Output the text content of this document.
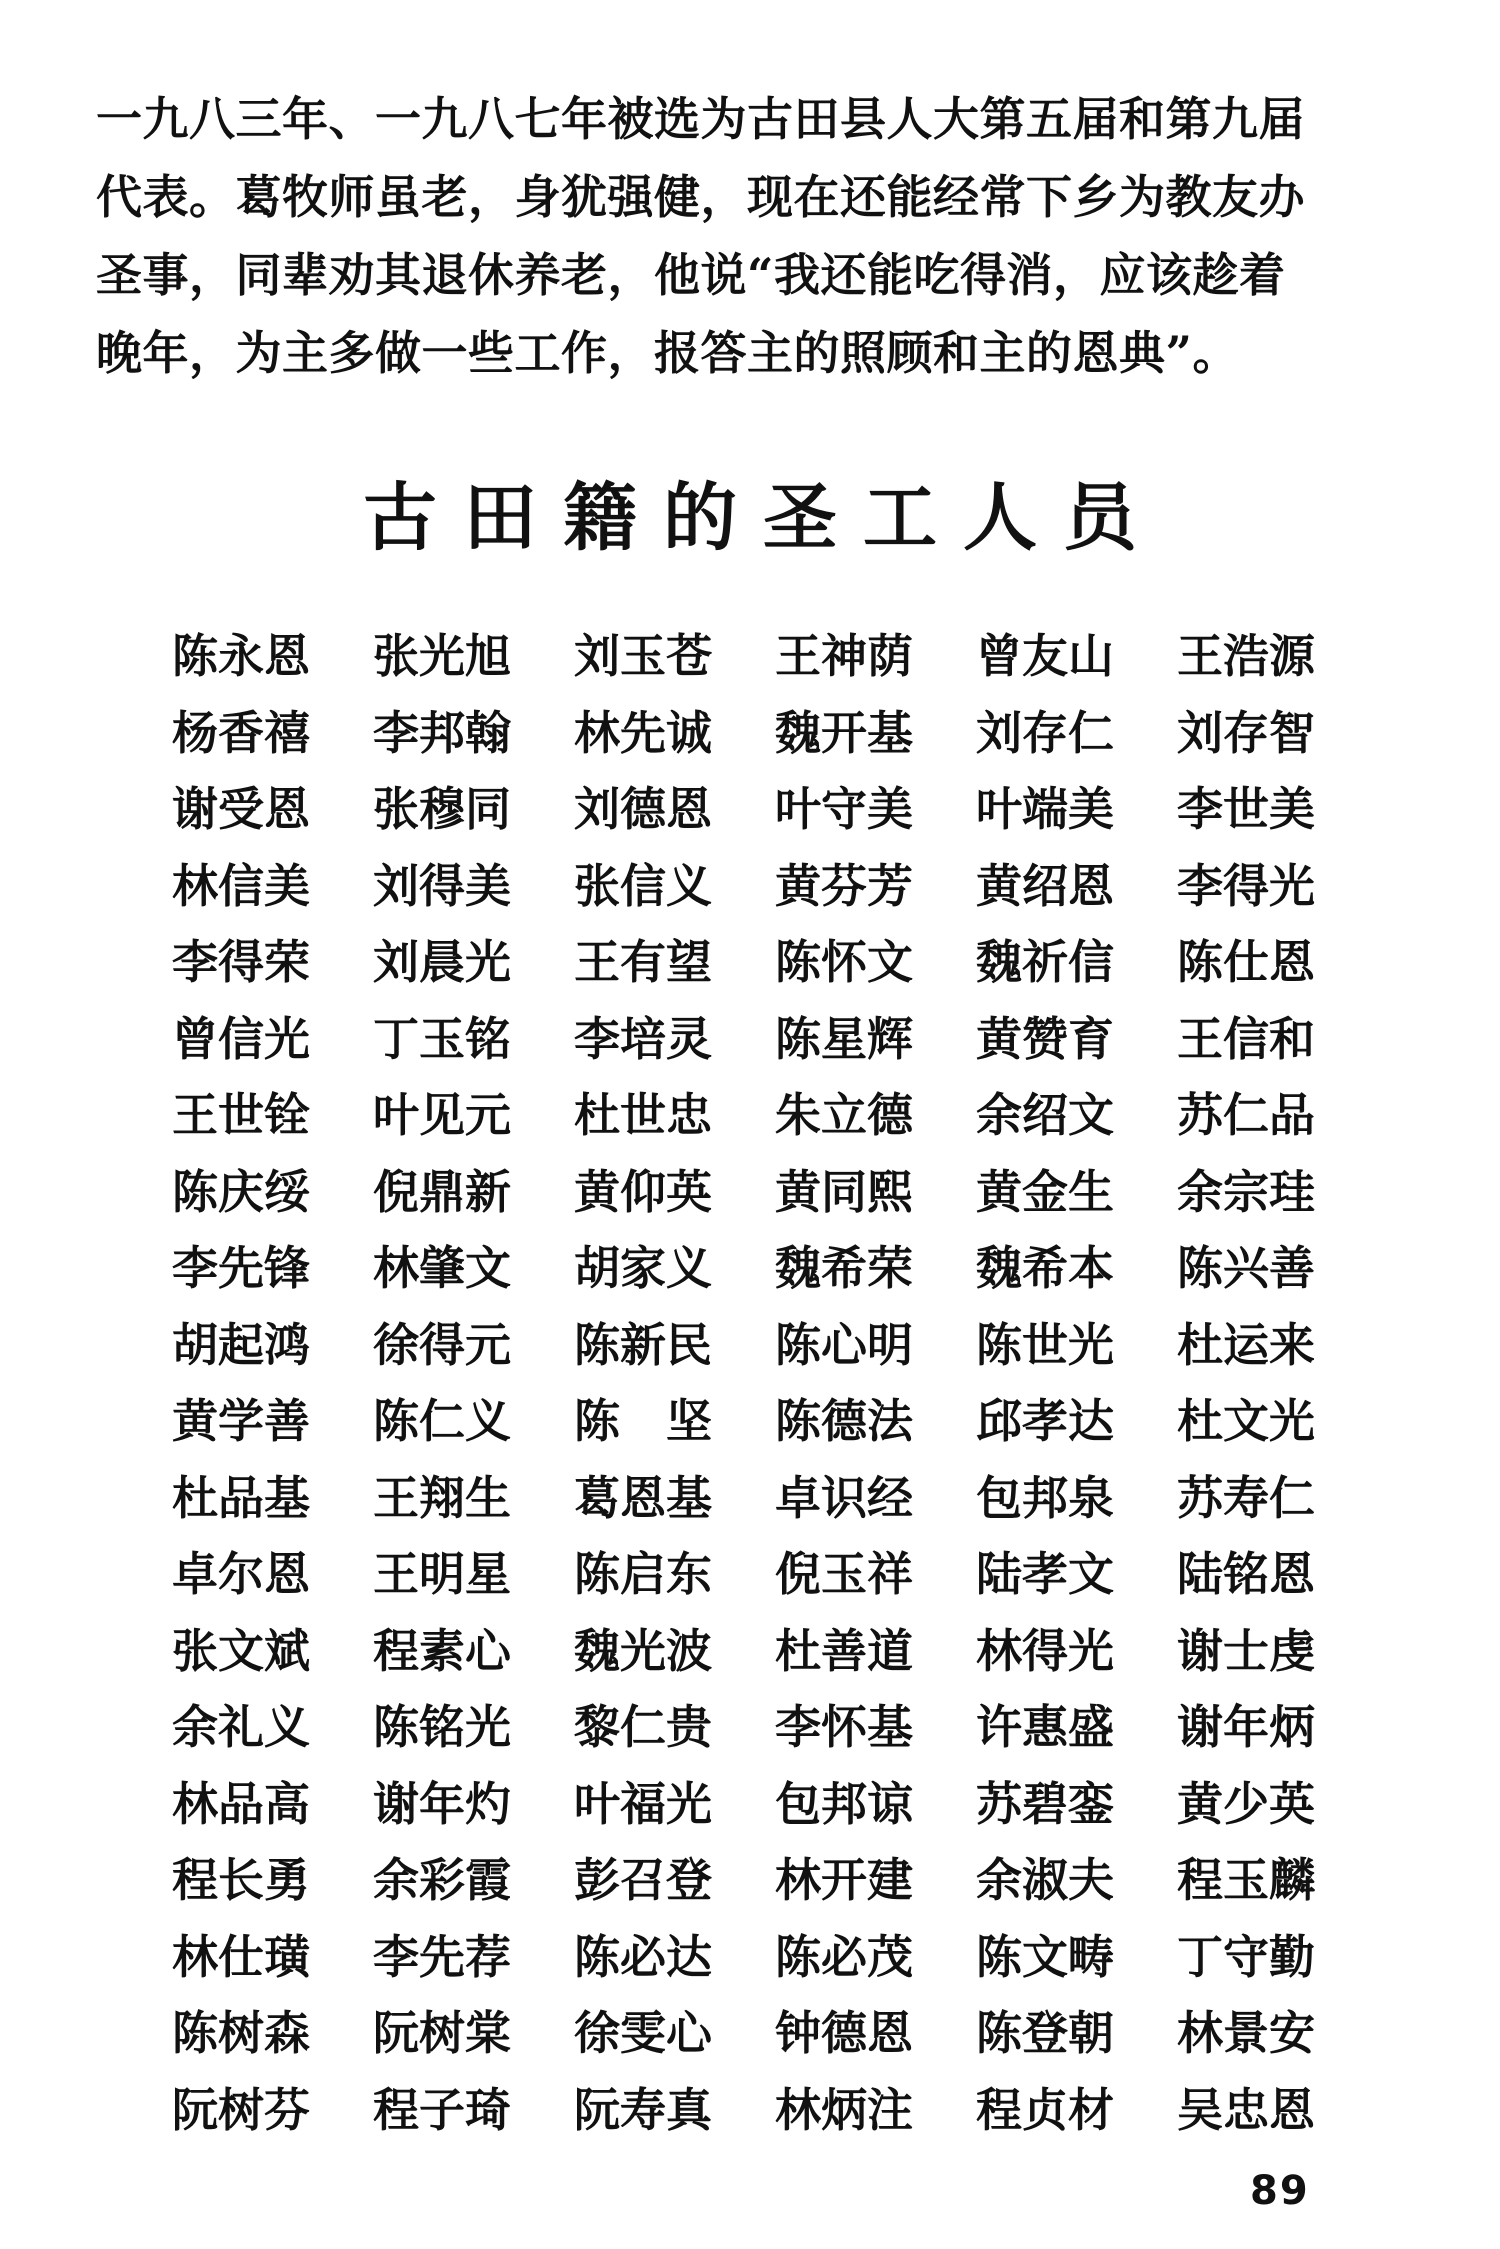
一九八三年、一九八七年被选为古田县人大第五届和第九届
代表。葛牧师虽老，身犹强健，现在还能经常下乡为教友办
圣事，同辈劝其退休养老，他说“我还能吃得消，应该趁着
晚年，为主多做一些工作，报答主的照顾和主的恩典”。
古田籍的圣工人员
陈永恩	张光旭	刘玉苍	王神荫	曾友山	王浩源
杨香禧	李邦翰	林先诚	魏开基	刘存仁	刘存智
谢受恩	张穆同	刘德恩	叶守美	叶端美	李世美
林信美	刘得美	张信义	黄芬芳	黄绍恩	李得光
李得荣	刘晨光	王有望	陈怀文	魏祈信	陈仕恩
曾信光	丁玉铭	李培灵	陈星辉	黄赞育	王信和
王世铨	叶见元	杜世忠	朱立德	余绍文	苏仁品
陈庆绥	倪鼎新	黄仰英	黄同熙	黄金生	余宗珪
李先锋	林肇文	胡家义	魏希荣	魏希本	陈兴善
胡起鸿	徐得元	陈新民	陈心明	陈世光	杜运来
黄学善	陈仁义	陈　坚	陈德法	邱孝达	杜文光
杜品基	王翔生	葛恩基	卓识经	包邦泉	苏寿仁
卓尔恩	王明星	陈启东	倪玉祥	陆孝文	陆铭恩
张文斌	程素心	魏光波	杜善道	林得光	谢士虔
余礼义	陈铭光	黎仁贵	李怀基	许惠盛	谢年炳
林品高	谢年灼	叶福光	包邦谅	苏碧銮	黄少英
程长勇	余彩霞	彭召登	林开建	余淑夫	程玉麟
林仕璜	李先荐	陈必达	陈必茂	陈文畴	丁守勤
陈树森	阮树棠	徐雯心	钟德恩	陈登朝	林景安
阮树芬	程子琦	阮寿真	林炳注	程贞材	吴忠恩
89
